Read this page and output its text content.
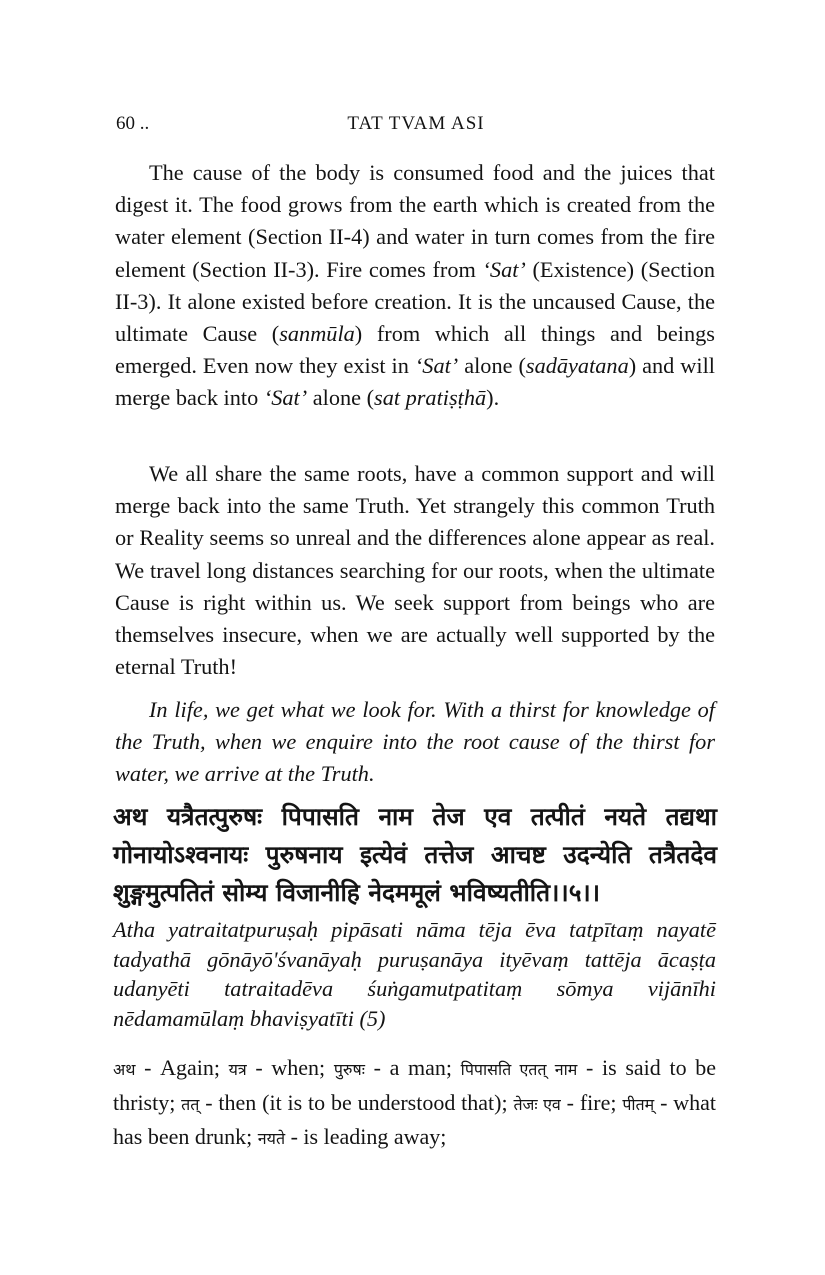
60 ..	TAT TVAM ASI

The cause of the body is consumed food and the juices that digest it. The food grows from the earth which is created from the water element (Section II-4) and water in turn comes from the fire element (Section II-3). Fire comes from ‘Sat’ (Existence) (Section II-3). It alone existed before creation. It is the uncaused Cause, the ultimate Cause (sanmūla) from which all things and beings emerged. Even now they exist in ‘Sat’ alone (sadāyatana) and will merge back into ‘Sat’ alone (sat pratiṣṭhā).

We all share the same roots, have a common support and will merge back into the same Truth. Yet strangely this common Truth or Reality seems so unreal and the differences alone appear as real. We travel long distances searching for our roots, when the ultimate Cause is right within us. We seek support from beings who are themselves insecure, when we are actually well supported by the eternal Truth!

In life, we get what we look for. With a thirst for knowledge of the Truth, when we enquire into the root cause of the thirst for water, we arrive at the Truth.

अथ यत्रैतत्पुरुषः पिपासति नाम तेज एव तत्पीतं नयते तद्यथा गोनायोऽश्वनायः पुरुषनाय इत्येवं तत्तेज आचष्ट उदन्येति तत्रैतदेव शुङ्गमुत्पतितं सोम्य विजानीहि नेदममूलं भविष्यतीति।।५।।

Atha yatraitatpuruṣaḥ pipāsati nāma tēja ēva tatpītaṃ nayatē tadyathā gōnāyō'śvanāyaḥ puruṣanāya ityēvaṃ tattēja ācaṣṭa udanyēti tatraitadēva śuṅgamutpatitaṃ sōmya vijānīhi nēdamamūlaṃ bhaviṣyatīti (5)

अथ - Again; यत्र - when; पुरुषः - a man; पिपासति एतत् नाम - is said to be thristy; तत् - then (it is to be understood that); तेजः एव - fire; पीतम् - what has been drunk; नयते - is leading away;
